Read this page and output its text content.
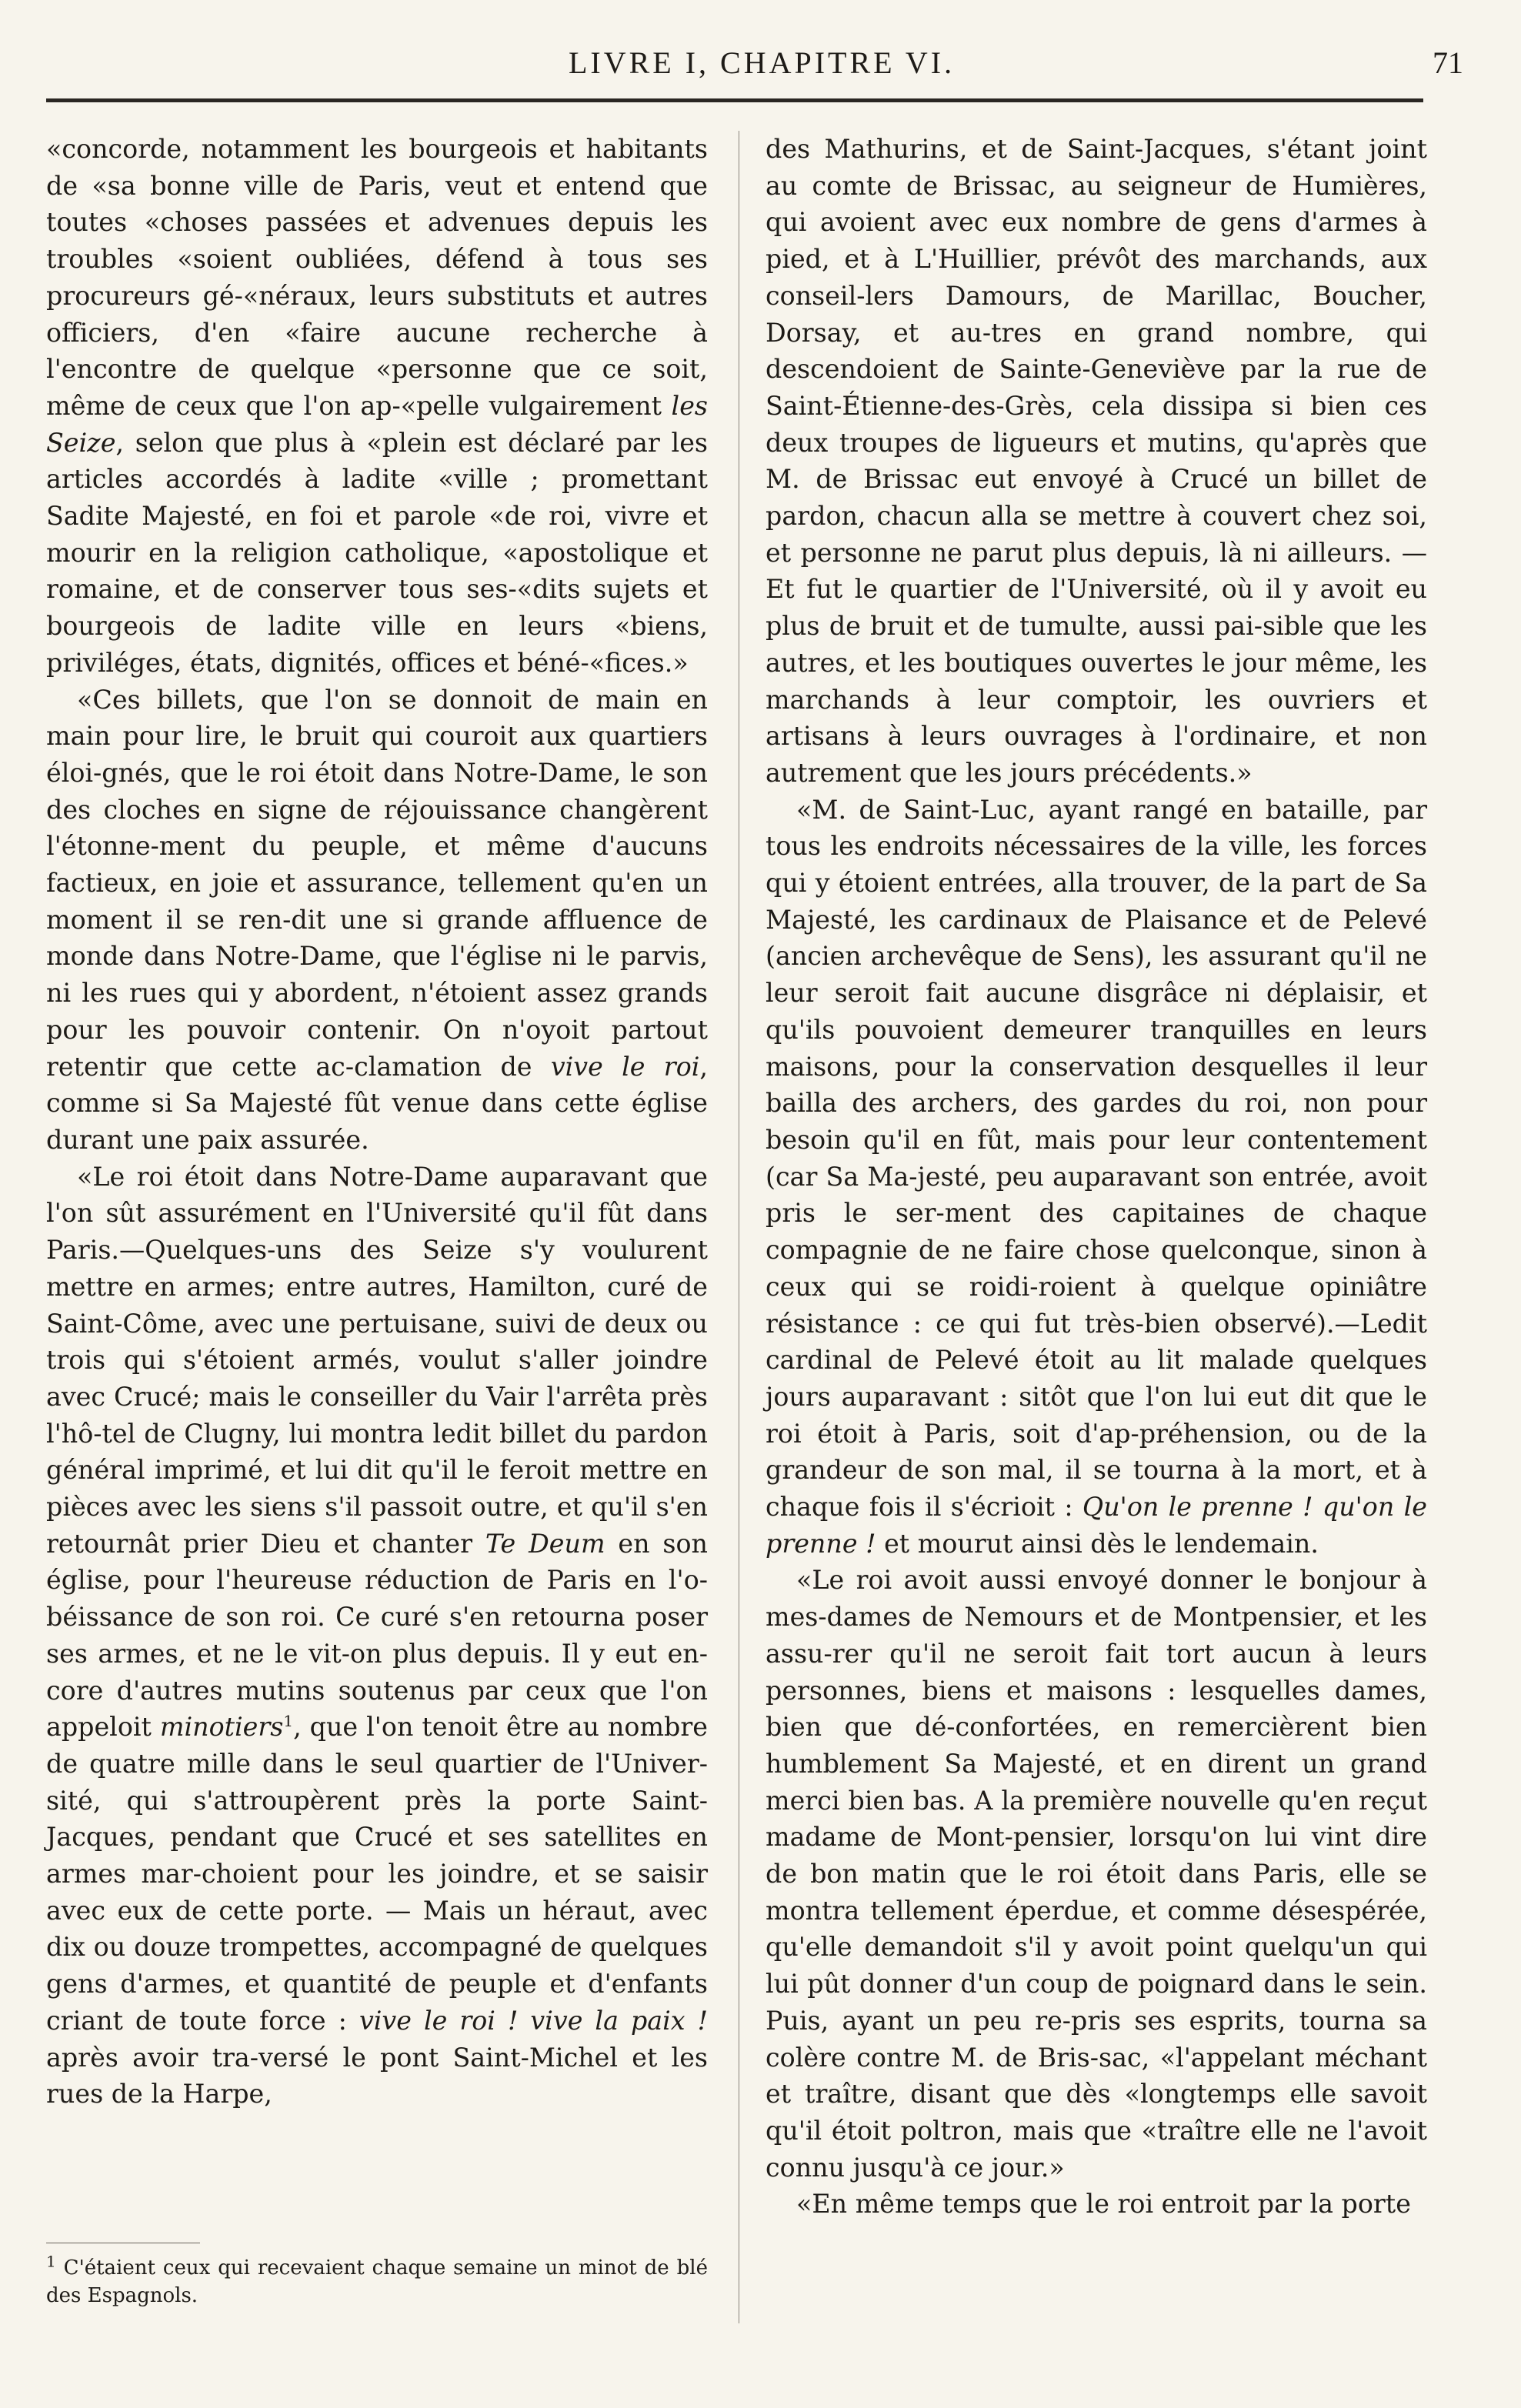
LIVRE I, CHAPITRE VI.	71

«concorde, notamment les bourgeois et habitants de «sa bonne ville de Paris, veut et entend que toutes «choses passées et advenues depuis les troubles «soient oubliées, défend à tous ses procureurs gé-«néraux, leurs substituts et autres officiers, d'en «faire aucune recherche à l'encontre de quelque «personne que ce soit, même de ceux que l'on ap-«pelle vulgairement les Seize, selon que plus à «plein est déclaré par les articles accordés à ladite «ville ; promettant Sadite Majesté, en foi et parole «de roi, vivre et mourir en la religion catholique, «apostolique et romaine, et de conserver tous ses-«dits sujets et bourgeois de ladite ville en leurs «biens, priviléges, états, dignités, offices et béné-«fices.»

«Ces billets, que l'on se donnoit de main en main pour lire, le bruit qui couroit aux quartiers éloi-gnés, que le roi étoit dans Notre-Dame, le son des cloches en signe de réjouissance changèrent l'étonne-ment du peuple, et même d'aucuns factieux, en joie et assurance, tellement qu'en un moment il se ren-dit une si grande affluence de monde dans Notre-Dame, que l'église ni le parvis, ni les rues qui y abordent, n'étoient assez grands pour les pouvoir contenir. On n'oyoit partout retentir que cette ac-clamation de vive le roi, comme si Sa Majesté fût venue dans cette église durant une paix assurée.

«Le roi étoit dans Notre-Dame auparavant que l'on sût assurément en l'Université qu'il fût dans Paris.—Quelques-uns des Seize s'y voulurent mettre en armes; entre autres, Hamilton, curé de Saint-Côme, avec une pertuisane, suivi de deux ou trois qui s'étoient armés, voulut s'aller joindre avec Crucé; mais le conseiller du Vair l'arrêta près l'hô-tel de Clugny, lui montra ledit billet du pardon général imprimé, et lui dit qu'il le feroit mettre en pièces avec les siens s'il passoit outre, et qu'il s'en retournât prier Dieu et chanter Te Deum en son église, pour l'heureuse réduction de Paris en l'o-béissance de son roi. Ce curé s'en retourna poser ses armes, et ne le vit-on plus depuis. Il y eut en-core d'autres mutins soutenus par ceux que l'on appeloit minotiers$^1$, que l'on tenoit être au nombre de quatre mille dans le seul quartier de l'Univer-sité, qui s'attroupèrent près la porte Saint-Jacques, pendant que Crucé et ses satellites en armes mar-choient pour les joindre, et se saisir avec eux de cette porte. — Mais un héraut, avec dix ou douze trompettes, accompagné de quelques gens d'armes, et quantité de peuple et d'enfants criant de toute force : vive le roi ! vive la paix ! après avoir tra-versé le pont Saint-Michel et les rues de la Harpe,

des Mathurins, et de Saint-Jacques, s'étant joint au comte de Brissac, au seigneur de Humières, qui avoient avec eux nombre de gens d'armes à pied, et à L'Huillier, prévôt des marchands, aux conseil-lers Damours, de Marillac, Boucher, Dorsay, et au-tres en grand nombre, qui descendoient de Sainte-Geneviève par la rue de Saint-Étienne-des-Grès, cela dissipa si bien ces deux troupes de ligueurs et mutins, qu'après que M. de Brissac eut envoyé à Crucé un billet de pardon, chacun alla se mettre à couvert chez soi, et personne ne parut plus depuis, là ni ailleurs. — Et fut le quartier de l'Université, où il y avoit eu plus de bruit et de tumulte, aussi pai-sible que les autres, et les boutiques ouvertes le jour même, les marchands à leur comptoir, les ouvriers et artisans à leurs ouvrages à l'ordinaire, et non autrement que les jours précédents.»

«M. de Saint-Luc, ayant rangé en bataille, par tous les endroits nécessaires de la ville, les forces qui y étoient entrées, alla trouver, de la part de Sa Majesté, les cardinaux de Plaisance et de Pelevé (ancien archevêque de Sens), les assurant qu'il ne leur seroit fait aucune disgrâce ni déplaisir, et qu'ils pouvoient demeurer tranquilles en leurs maisons, pour la conservation desquelles il leur bailla des archers, des gardes du roi, non pour besoin qu'il en fût, mais pour leur contentement (car Sa Ma-jesté, peu auparavant son entrée, avoit pris le ser-ment des capitaines de chaque compagnie de ne faire chose quelconque, sinon à ceux qui se roidi-roient à quelque opiniâtre résistance : ce qui fut très-bien observé).—Ledit cardinal de Pelevé étoit au lit malade quelques jours auparavant : sitôt que l'on lui eut dit que le roi étoit à Paris, soit d'ap-préhension, ou de la grandeur de son mal, il se tourna à la mort, et à chaque fois il s'écrioit : Qu'on le prenne ! qu'on le prenne ! et mourut ainsi dès le lendemain.

«Le roi avoit aussi envoyé donner le bonjour à mes-dames de Nemours et de Montpensier, et les assu-rer qu'il ne seroit fait tort aucun à leurs personnes, biens et maisons : lesquelles dames, bien que dé-confortées, en remercièrent bien humblement Sa Majesté, et en dirent un grand merci bien bas. A la première nouvelle qu'en reçut madame de Mont-pensier, lorsqu'on lui vint dire de bon matin que le roi étoit dans Paris, elle se montra tellement éperdue, et comme désespérée, qu'elle demandoit s'il y avoit point quelqu'un qui lui pût donner d'un coup de poignard dans le sein. Puis, ayant un peu re-pris ses esprits, tourna sa colère contre M. de Bris-sac, «l'appelant méchant et traître, disant que dès «longtemps elle savoit qu'il étoit poltron, mais que «traître elle ne l'avoit connu jusqu'à ce jour.»

«En même temps que le roi entroit par la porte

$^1$ C'étaient ceux qui recevaient chaque semaine un minot de blé des Espagnols.
